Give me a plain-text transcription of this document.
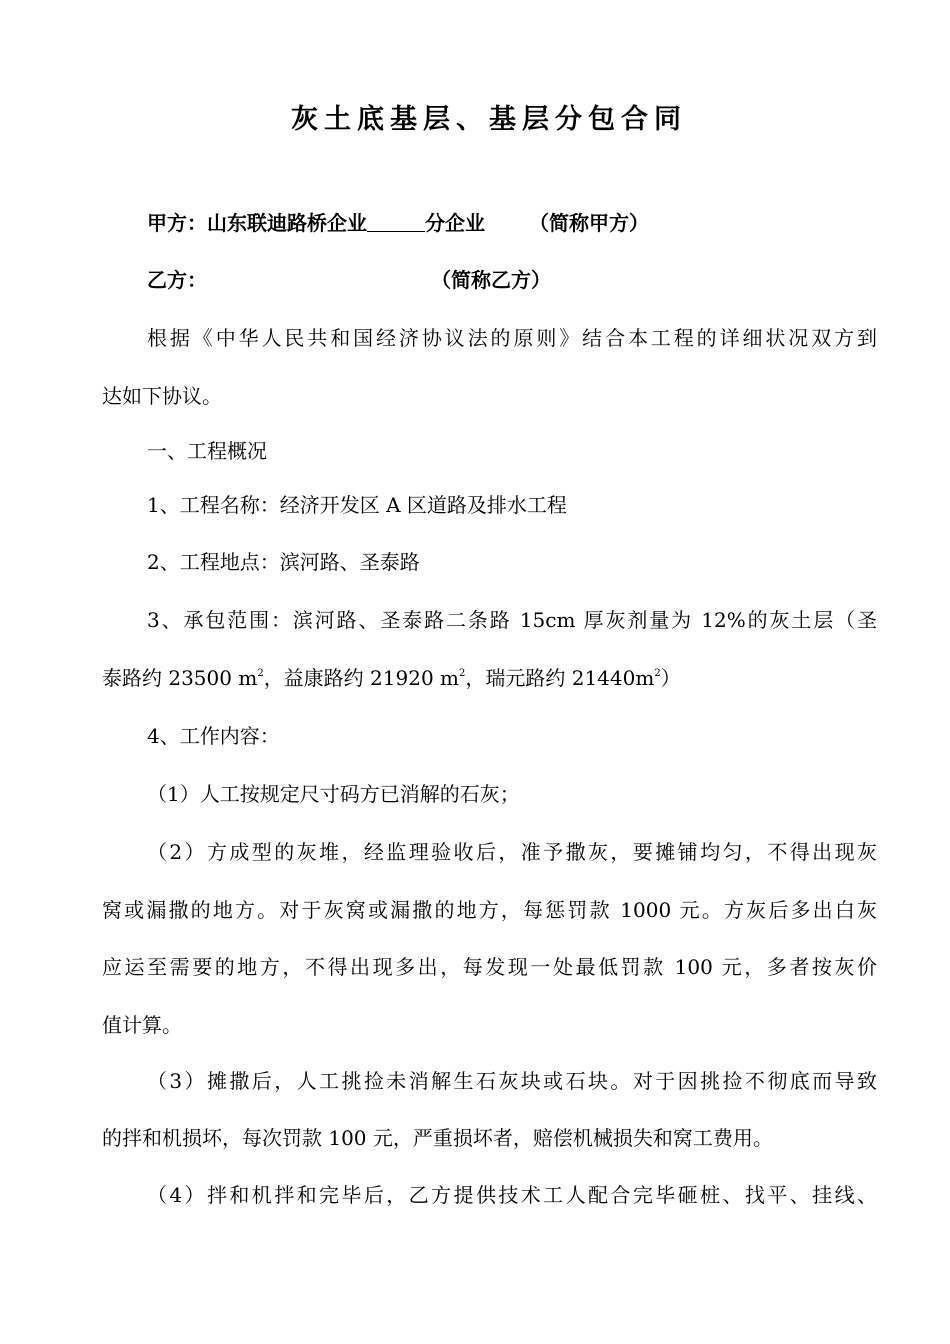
灰土底基层、基层分包合同
甲方：山东联迪路桥企业	分企业 （简称甲方）
乙方：	（简称乙方）
根据《中华人民共和国经济协议法的原则》结合本工程的详细状况双方到
达如下协议。
一、工程概况
1、工程名称：经济开发区 A 区道路及排水工程
2、工程地点：滨河路、圣泰路
3、承包范围：滨河路、圣泰路二条路 15cm 厚灰剂量为 12%的灰土层（圣
泰路约 23500 $m^2$，益康路约 21920 $m^2$，瑞元路约 $21440m^2$）
4、工作内容：
（1）人工按规定尺寸码方已消解的石灰；
（2）方成型的灰堆，经监理验收后，准予撒灰，要摊铺均匀，不得出现灰
窝或漏撒的地方。对于灰窝或漏撒的地方，每惩罚款 1000 元。方灰后多出白灰
应运至需要的地方，不得出现多出，每发现一处最低罚款 100 元，多者按灰价
值计算。
（3）摊撒后，人工挑捡未消解生石灰块或石块。对于因挑捡不彻底而导致
的拌和机损坏，每次罚款 100 元，严重损坏者，赔偿机械损失和窝工费用。
（4）拌和机拌和完毕后，乙方提供技术工人配合完毕砸桩、找平、挂线、
